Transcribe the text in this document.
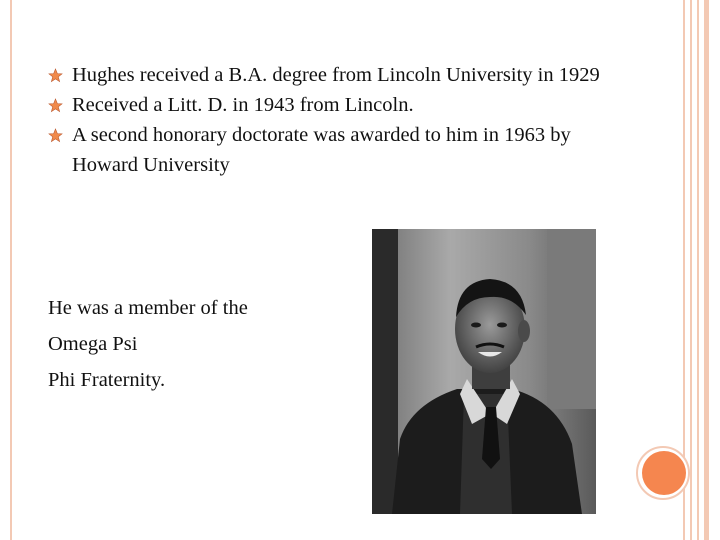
Hughes received a B.A. degree from Lincoln University in 1929
Received a Litt. D. in 1943 from Lincoln.
A second honorary doctorate was awarded to him in 1963 by Howard University
He was a member of the
Omega Psi
Phi Fraternity.
